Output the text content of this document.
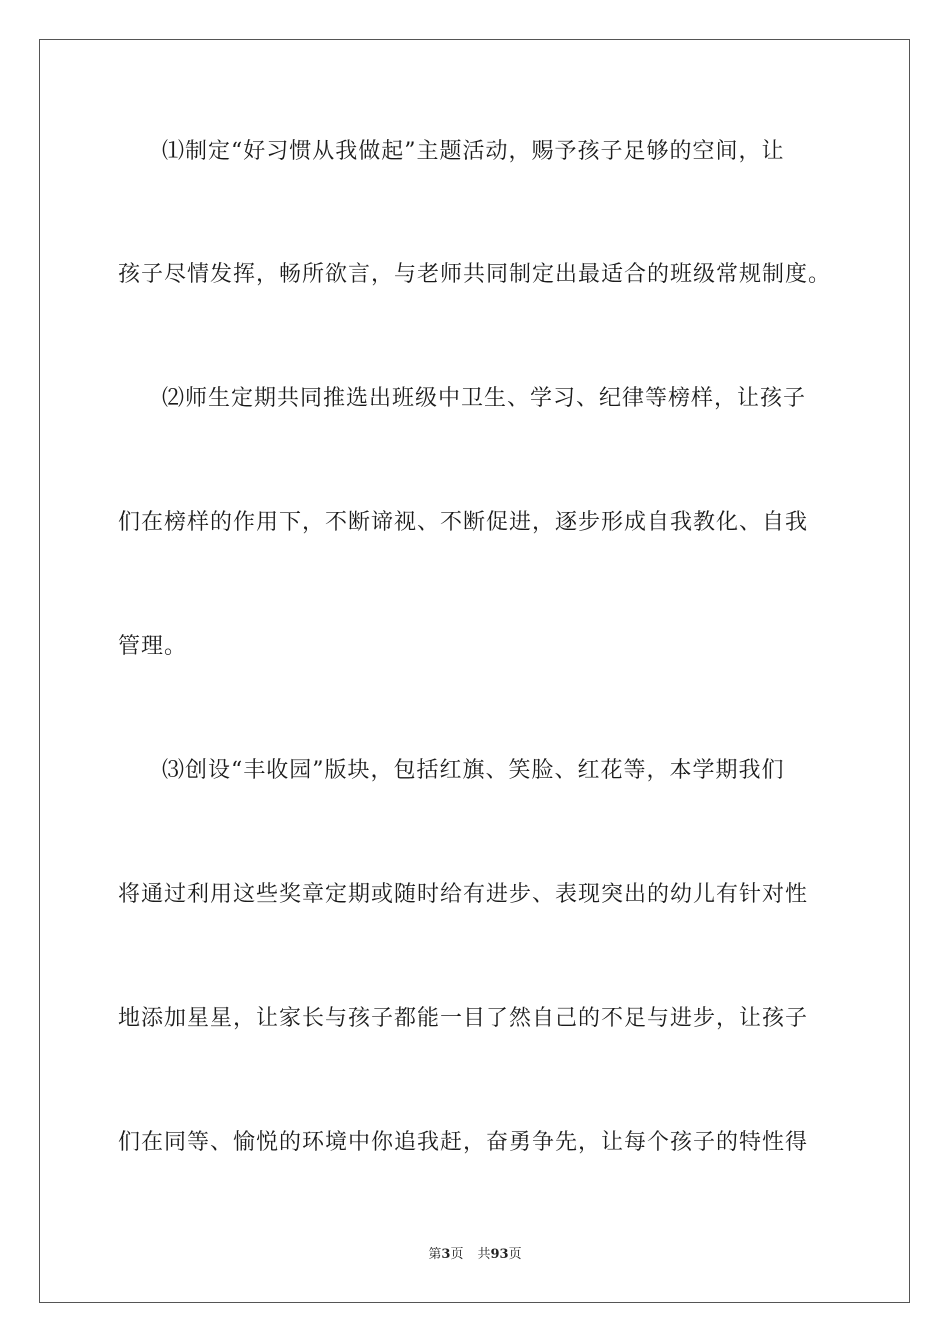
⑴制定“好习惯从我做起”主题活动，赐予孩子足够的空间，让
孩子尽情发挥，畅所欲言，与老师共同制定出最适合的班级常规制度。
⑵师生定期共同推选出班级中卫生、学习、纪律等榜样，让孩子
们在榜样的作用下，不断谛视、不断促进，逐步形成自我教化、自我
管理。
⑶创设“丰收园”版块，包括红旗、笑脸、红花等，本学期我们
将通过利用这些奖章定期或随时给有进步、表现突出的幼儿有针对性
地添加星星，让家长与孩子都能一目了然自己的不足与进步，让孩子
们在同等、愉悦的环境中你追我赶，奋勇争先，让每个孩子的特性得
第3页 共93页
